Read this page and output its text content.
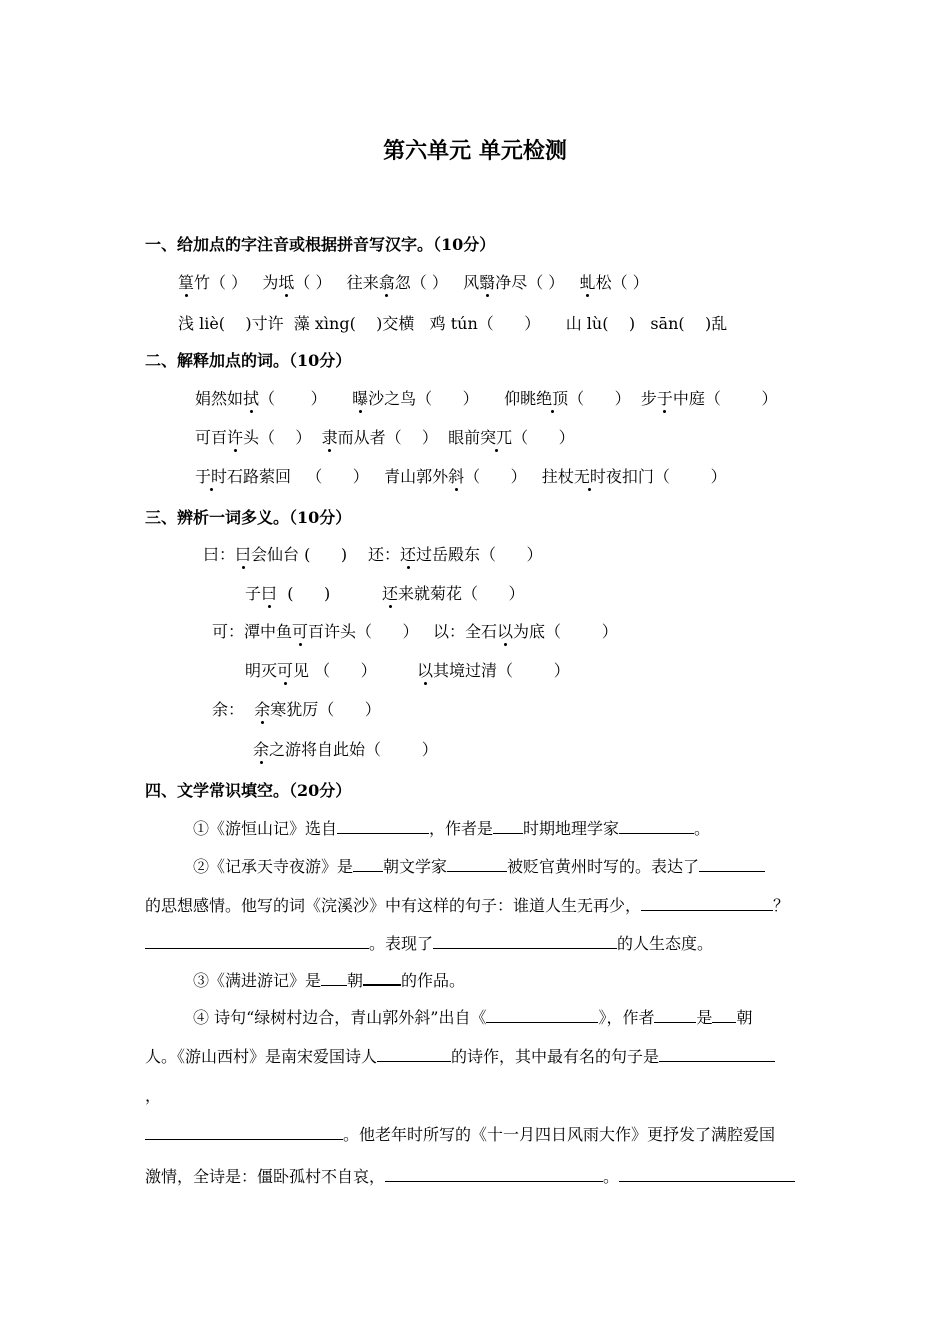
第六单元 单元检测
一、给加点的字注音或根据拼音写汉字。（10分）
篁竹（ ） 为坻（ ） 往来翕忽（ ） 风翳净尽（ ） 虬松（ ）
浅 liè(    )寸许  藻 xìng(    )交横   鸡 tún（      ）     山 lù(    )   sān(    )乱
二、解释加点的词。（10分）
娟然如拭（       ） 曝沙之鸟（      ） 仰眺绝顶（      ） 步于中庭（        ）
可百许头（    ） 隶而从者（    ） 眼前突兀（      ）
于时石路萦回   （      ） 青山郭外斜（      ） 拄杖无时夜扣门（        ）
三、辨析一词多义。（10分）
曰：曰会仙台 (      ) 还：还过岳殿东（      ）
子曰  (      )	还来就菊花（      ）
可：潭中鱼可百许头（      ） 以：全石以为底（        ）
明灭可见 （      ）	以其境过清（        ）
余：  余寒犹厉（      ）
余之游将自此始（        ）
四、文学常识填空。（20分）
①《游恒山记》选自	，作者是 时期地理学家	。
②《记承天寺夜游》是 朝文学家	被贬官黄州时写的。表达了
的思想感情。他写的词《浣溪沙》中有这样的句子：谁道人生无再少，	？
。表现了	的人生态度。
③《满进游记》是 朝 的作品。
④ 诗句“绿树村边合，青山郭外斜”出自《	》，作者	是 朝
人。《游山西村》是南宋爱国诗人	的诗作，其中最有名的句子是
，
。他老年时所写的《十一月四日风雨大作》更抒发了满腔爱国
激情，全诗是：僵卧孤村不自哀，	。
